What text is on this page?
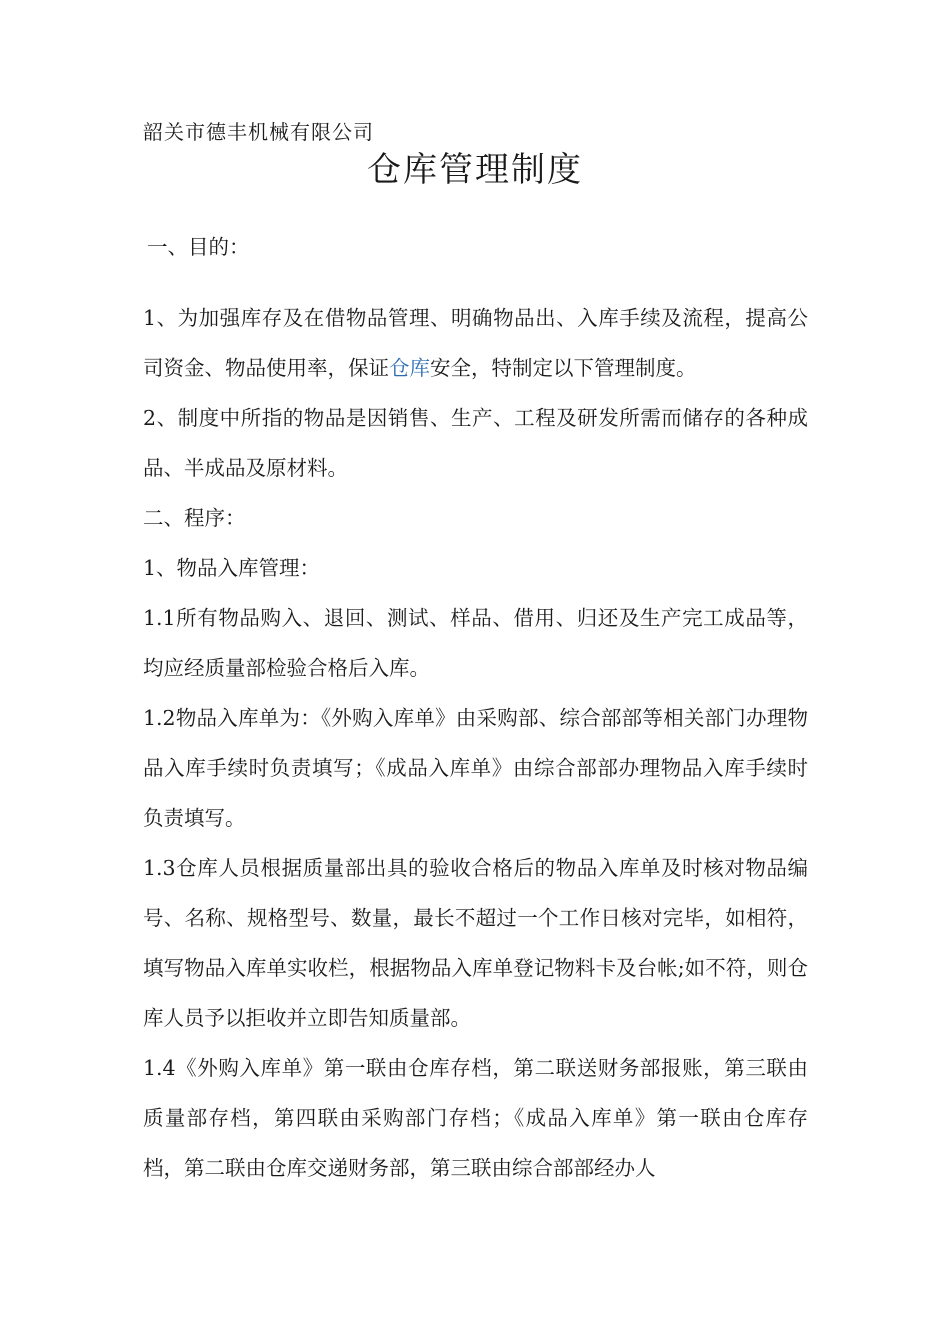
韶关市德丰机械有限公司
仓库管理制度

一、目的：

1、为加强库存及在借物品管理、明确物品出、入库手续及流程，提高公司资金、物品使用率，保证仓库安全，特制定以下管理制度。

2、制度中所指的物品是因销售、生产、工程及研发所需而储存的各种成品、半成品及原材料。

二、程序：

1、物品入库管理：

1.1所有物品购入、退回、测试、样品、借用、归还及生产完工成品等，均应经质量部检验合格后入库。

1.2物品入库单为：《外购入库单》由采购部、综合部部等相关部门办理物品入库手续时负责填写；《成品入库单》由综合部部办理物品入库手续时负责填写。

1.3仓库人员根据质量部出具的验收合格后的物品入库单及时核对物品编号、名称、规格型号、数量，最长不超过一个工作日核对完毕，如相符，填写物品入库单实收栏，根据物品入库单登记物料卡及台帐;如不符，则仓库人员予以拒收并立即告知质量部。

1.4《外购入库单》第一联由仓库存档，第二联送财务部报账，第三联由质量部存档，第四联由采购部门存档；《成品入库单》第一联由仓库存档，第二联由仓库交递财务部，第三联由综合部部经办人
